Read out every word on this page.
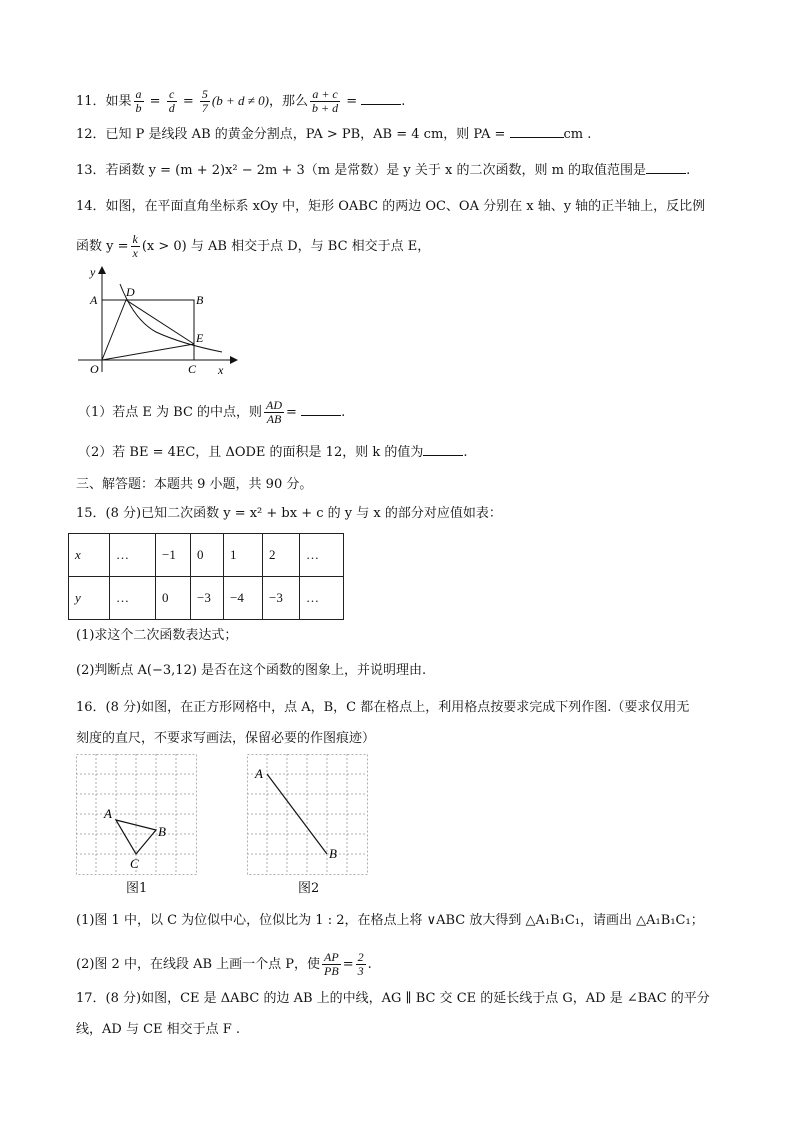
11．如果 $\frac{a}{b} = \frac{c}{d} = \frac{5}{7} (b + d \ne 0)$，那么 $\frac{a + c}{b + d}$ =	.
12．已知 P 是线段 AB 的黄金分割点，PA > PB，AB = 4 cm，则 PA =	cm .
13．若函数 y = (m + 2)x² − 2m + 3（m 是常数）是 y 关于 x 的二次函数，则 m 的取值范围是	.
14．如图，在平面直角坐标系 xOy 中，矩形 OABC 的两边 OC、OA 分别在 x 轴、y 轴的正半轴上，反比例
函数 $y = \frac{k}{x} (x > 0)$ 与 AB 相交于点 D，与 BC 相交于点 E，
y
x
A	B
C
D
E
O
（1）若点 E 为 BC 的中点，则 $\frac{AD}{AB}$ =	.
（2）若 BE = 4EC，且 ΔODE 的面积是 12，则 k 的值为	.
三、解答题：本题共 9 小题，共 90 分。
15．(8 分)已知二次函数 y = x² + bx + c 的 y 与 x 的部分对应值如表：
x	…	−1	0	1	2	…
y	…	0	−3	−4	−3	…
(1)求这个二次函数表达式；
(2)判断点 A(−3,12) 是否在这个函数的图象上，并说明理由.
16．(8 分)如图，在正方形网格中，点 A，B，C 都在格点上，利用格点按要求完成下列作图.（要求仅用无
刻度的直尺，不要求写画法，保留必要的作图痕迹）
A
B
C
A
B
图1	图2
(1)图 1 中，以 C 为位似中心，位似比为 1 : 2，在格点上将 ∨ABC 放大得到 △A₁B₁C₁，请画出 △A₁B₁C₁；
(2)图 2 中，在线段 AB 上画一个点 P，使 $\frac{AP}{PB} = \frac{2}{3}$ .
17．(8 分)如图，CE 是 ΔABC 的边 AB 上的中线，AG ∥ BC 交 CE 的延长线于点 G，AD 是 ∠BAC 的平分
线，AD 与 CE 相交于点 F .
